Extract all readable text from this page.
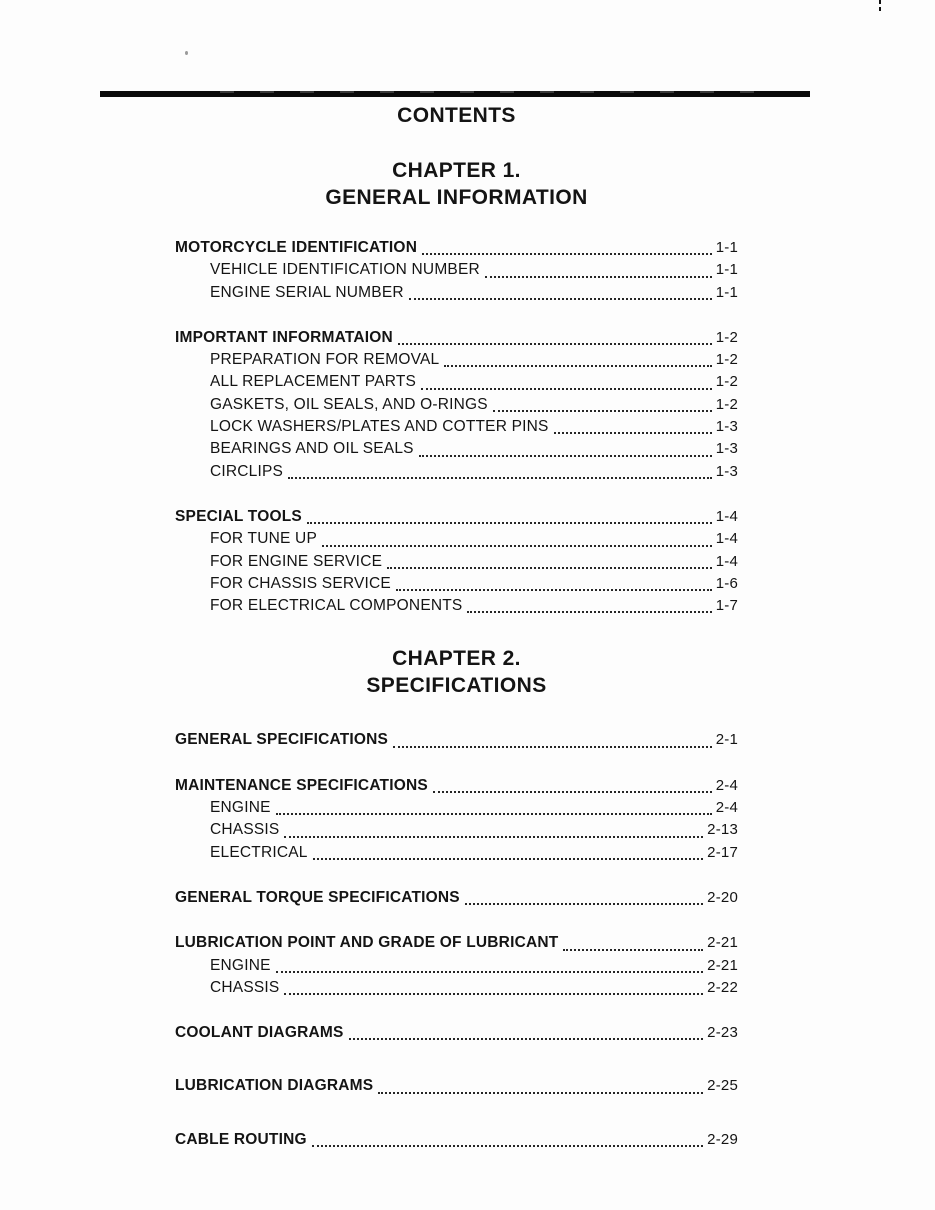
CONTENTS
CHAPTER 1.
GENERAL INFORMATION
MOTORCYCLE IDENTIFICATION	1-1
VEHICLE IDENTIFICATION NUMBER	1-1
ENGINE SERIAL NUMBER	1-1
IMPORTANT INFORMATAION	1-2
PREPARATION FOR REMOVAL	1-2
ALL REPLACEMENT PARTS	1-2
GASKETS, OIL SEALS, AND O-RINGS	1-2
LOCK WASHERS/PLATES AND COTTER PINS	1-3
BEARINGS AND OIL SEALS	1-3
CIRCLIPS	1-3
SPECIAL TOOLS	1-4
FOR TUNE UP	1-4
FOR ENGINE SERVICE	1-4
FOR CHASSIS SERVICE	1-6
FOR ELECTRICAL COMPONENTS	1-7
CHAPTER 2.
SPECIFICATIONS
GENERAL SPECIFICATIONS	2-1
MAINTENANCE SPECIFICATIONS	2-4
ENGINE	2-4
CHASSIS	2-13
ELECTRICAL	2-17
GENERAL TORQUE SPECIFICATIONS	2-20
LUBRICATION POINT AND GRADE OF LUBRICANT	2-21
ENGINE	2-21
CHASSIS	2-22
COOLANT DIAGRAMS	2-23
LUBRICATION DIAGRAMS	2-25
CABLE ROUTING	2-29
